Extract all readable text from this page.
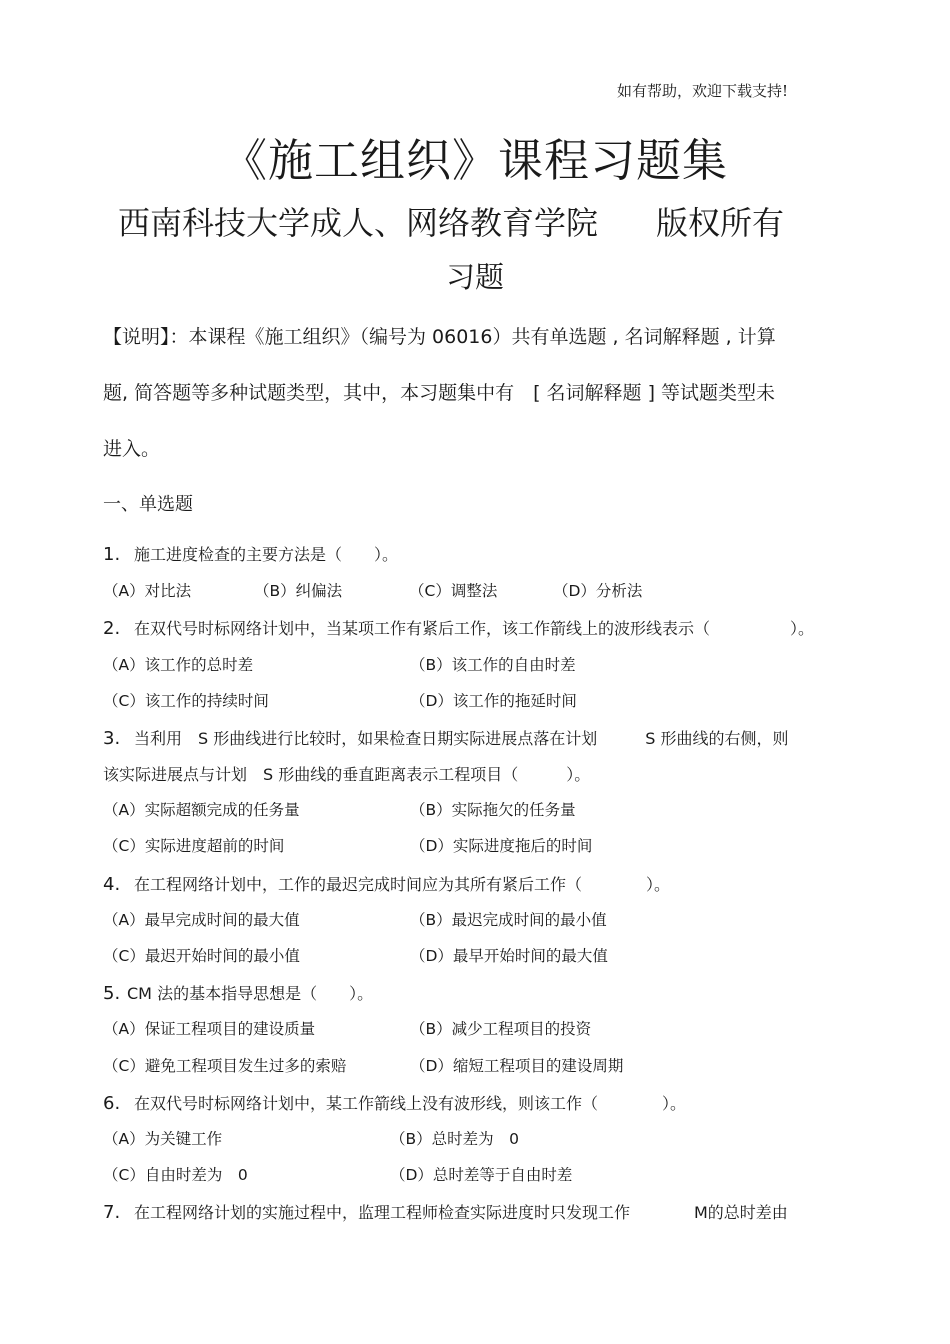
如有帮助，欢迎下载支持!
《施工组织》课程习题集
西南科技大学成人、网络教育学院 版权所有
习题
【说明】：本课程《施工组织》（编号为 06016）共有单选题 , 名词解释题 , 计算
题, 简答题等多种试题类型，其中，本习题集中有　[ 名词解释题 ] 等试题类型未
进入。
一、单选题
1. 施工进度检查的主要方法是（　　）。
（A）对比法	（B）纠偏法	（C）调整法	（D）分析法
2. 在双代号时标网络计划中，当某项工作有紧后工作，该工作箭线上的波形线表示（　　　　　）。
（A）该工作的总时差	（B）该工作的自由时差
（C）该工作的持续时间	（D）该工作的拖延时间
3. 当利用　S 形曲线进行比较时，如果检查日期实际进展点落在计划　　　S 形曲线的右侧，则
该实际进展点与计划　S 形曲线的垂直距离表示工程项目（　　　）。
（A）实际超额完成的任务量	（B）实际拖欠的任务量
（C）实际进度超前的时间	（D）实际进度拖后的时间
4. 在工程网络计划中，工作的最迟完成时间应为其所有紧后工作（　　　　）。
（A）最早完成时间的最大值	（B）最迟完成时间的最小值
（C）最迟开始时间的最小值	（D）最早开始时间的最大值
5. CM 法的基本指导思想是（　　）。
（A）保证工程项目的建设质量	（B）减少工程项目的投资
（C）避免工程项目发生过多的索赔	（D）缩短工程项目的建设周期
6. 在双代号时标网络计划中，某工作箭线上没有波形线，则该工作（　　　　）。
（A）为关键工作	（B）总时差为　0
（C）自由时差为　0	（D）总时差等于自由时差
7. 在工程网络计划的实施过程中，监理工程师检查实际进度时只发现工作　　　　M的总时差由
